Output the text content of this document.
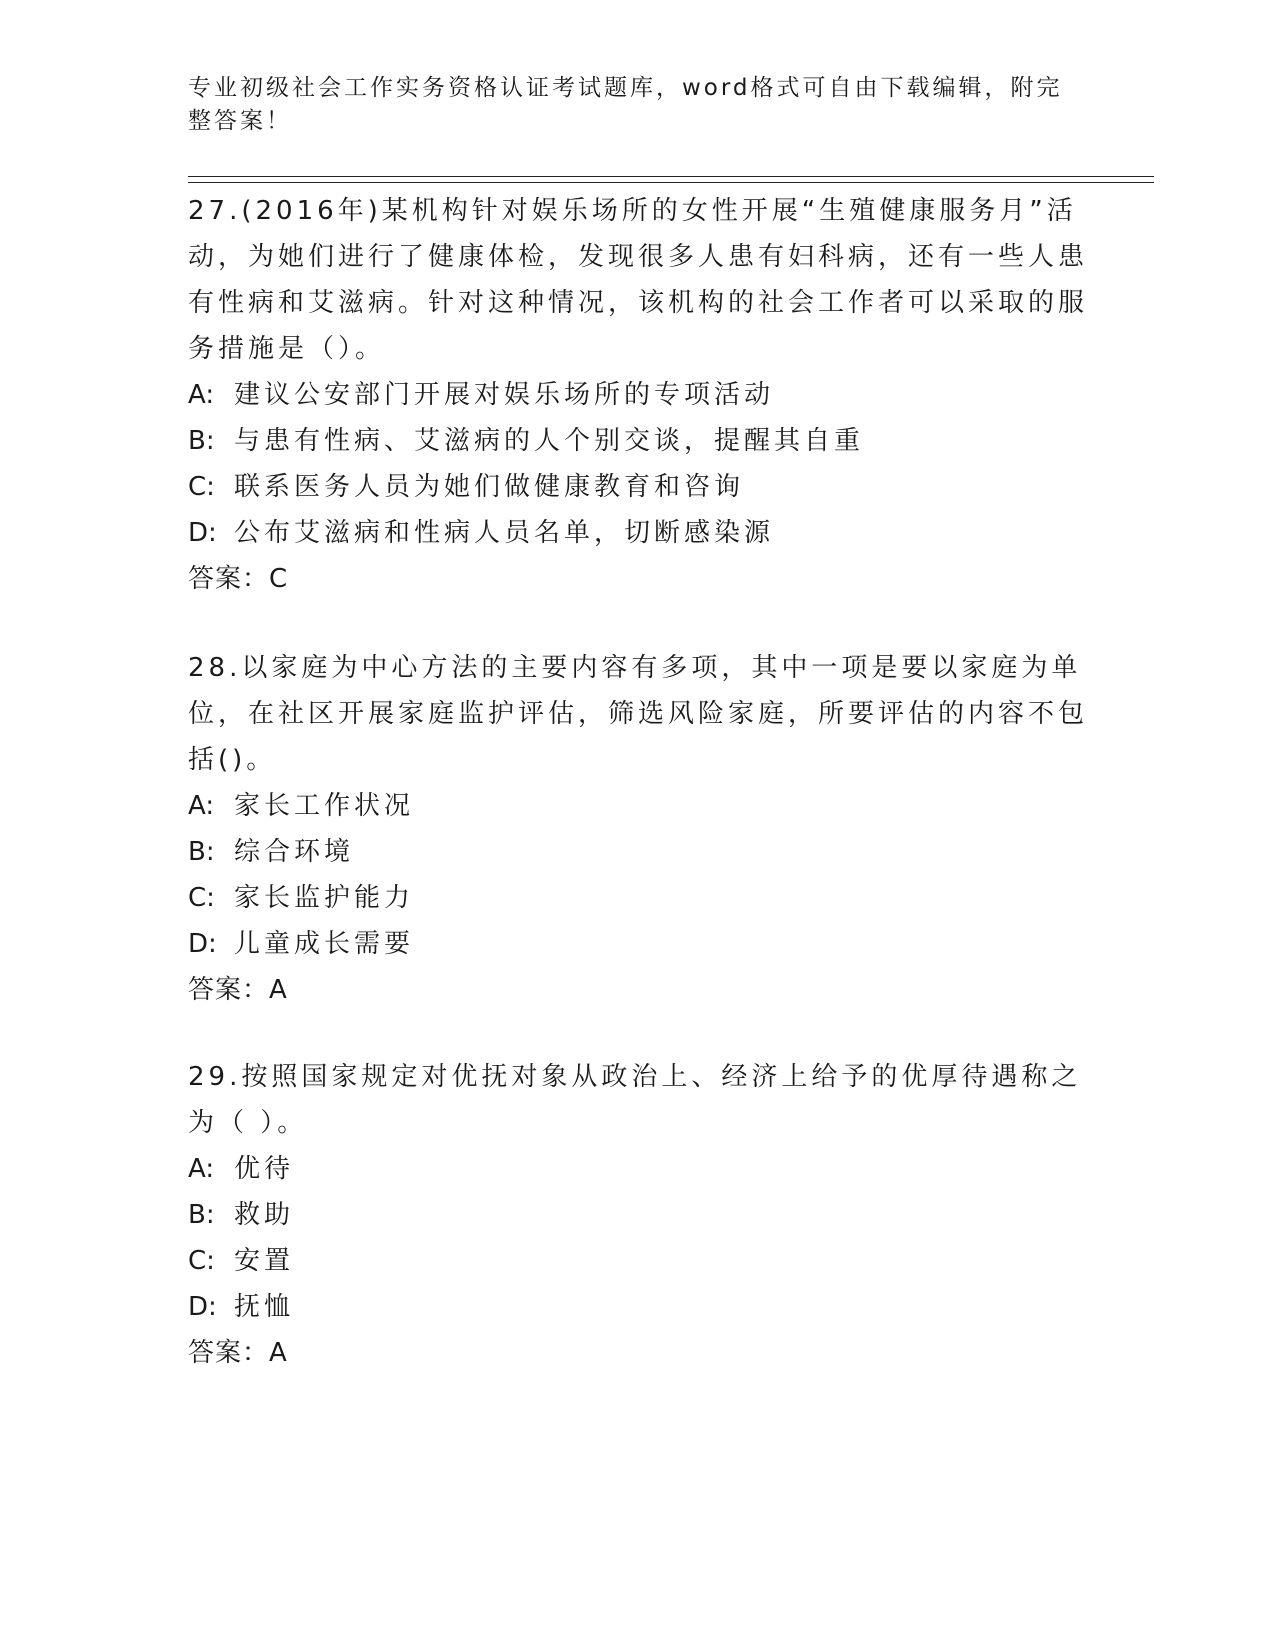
专业初级社会工作实务资格认证考试题库，word格式可自由下载编辑，附完整答案！

27.(2016年)某机构针对娱乐场所的女性开展“生殖健康服务月”活动，为她们进行了健康体检，发现很多人患有妇科病，还有一些人患有性病和艾滋病。针对这种情况，该机构的社会工作者可以采取的服务措施是（）。

A: 建议公安部门开展对娱乐场所的专项活动
B: 与患有性病、艾滋病的人个别交谈，提醒其自重
C: 联系医务人员为她们做健康教育和咨询
D: 公布艾滋病和性病人员名单，切断感染源
答案：C

28.以家庭为中心方法的主要内容有多项，其中一项是要以家庭为单位，在社区开展家庭监护评估，筛选风险家庭，所要评估的内容不包括()。

A: 家长工作状况
B: 综合环境
C: 家长监护能力
D: 儿童成长需要
答案：A

29.按照国家规定对优抚对象从政治上、经济上给予的优厚待遇称之为（ ）。

A: 优待
B: 救助
C: 安置
D: 抚恤
答案：A
